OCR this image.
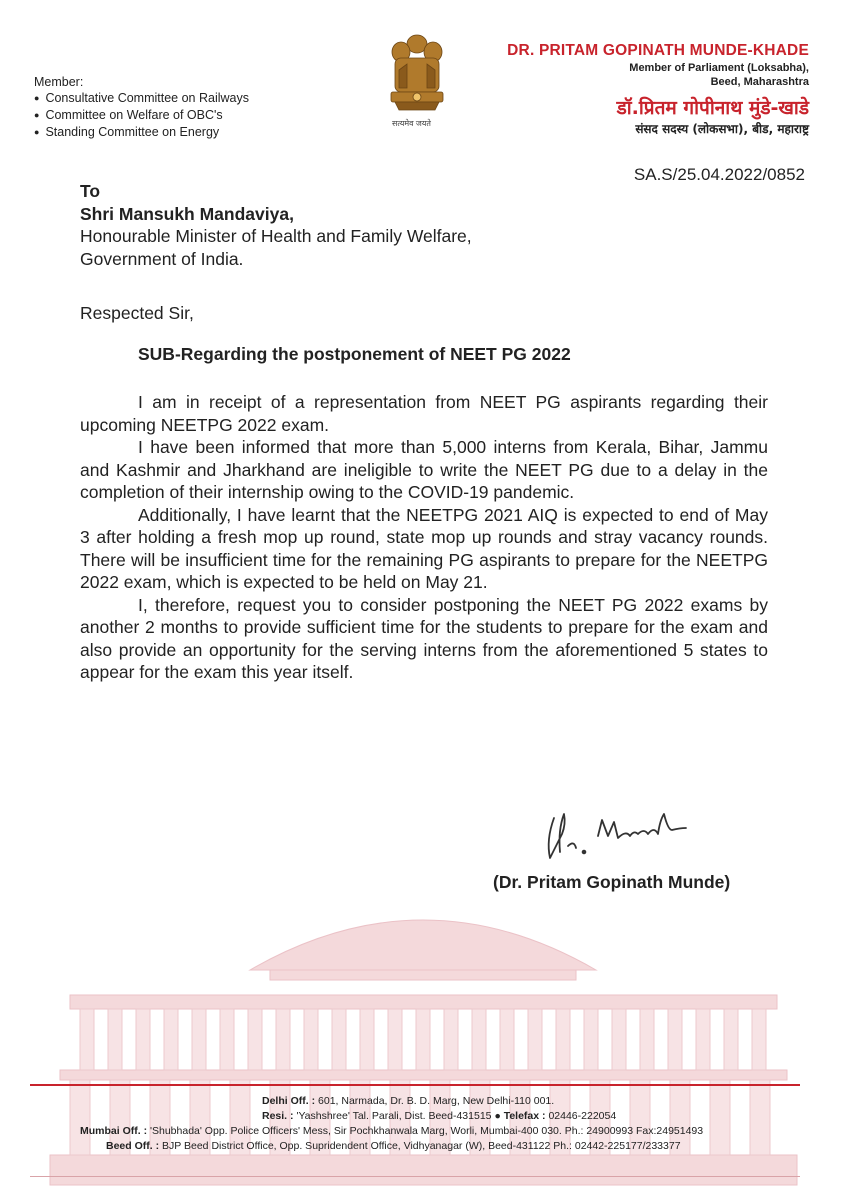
Member:
● Consultative Committee on Railways
● Committee on Welfare of OBC's
● Standing Committee on Energy
सत्यमेव जयते
DR. PRITAM GOPINATH MUNDE-KHADE
Member of Parliament (Loksabha),
Beed, Maharashtra
डॉ.प्रितम गोपीनाथ मुंडे-खाडे
संसद सदस्य (लोकसभा), बीड, महाराष्ट्र
SA.S/25.04.2022/0852
To
Shri Mansukh Mandaviya,
Honourable Minister of Health and Family Welfare,
Government of India.
Respected Sir,
SUB-Regarding the postponement of NEET PG 2022

I am in receipt of a representation from NEET PG aspirants regarding their upcoming NEETPG 2022 exam.

I have been informed that more than 5,000 interns from Kerala, Bihar, Jammu and Kashmir and Jharkhand are ineligible to write the NEET PG due to a delay in the completion of their internship owing to the COVID-19 pandemic.

Additionally, I have learnt that the NEETPG 2021 AIQ is expected to end of May 3 after holding a fresh mop up round, state mop up rounds and stray vacancy rounds. There will be insufficient time for the remaining PG aspirants to prepare for the NEETPG 2022 exam, which is expected to be held on May 21.

I, therefore, request you to consider postponing the NEET PG 2022 exams by another 2 months to provide sufficient time for the students to prepare for the exam and also provide an opportunity for the serving interns from the aforementioned 5 states to appear for the exam this year itself.

(Dr. Pritam Gopinath Munde)
Delhi Off. : 601, Narmada, Dr. B. D. Marg, New Delhi-110 001.
Resi. : 'Yashshree' Tal. Parali, Dist. Beed-431515 ● Telefax : 02446-222054
Mumbai Off. : 'Shubhada' Opp. Police Officers' Mess, Sir Pochkhanwala Marg, Worli, Mumbai-400 030. Ph.: 24900993 Fax:24951493
Beed Off. : BJP Beed District Office, Opp. Supridendent Office, Vidhyanagar (W), Beed-431122 Ph.: 02442-225177/233377
